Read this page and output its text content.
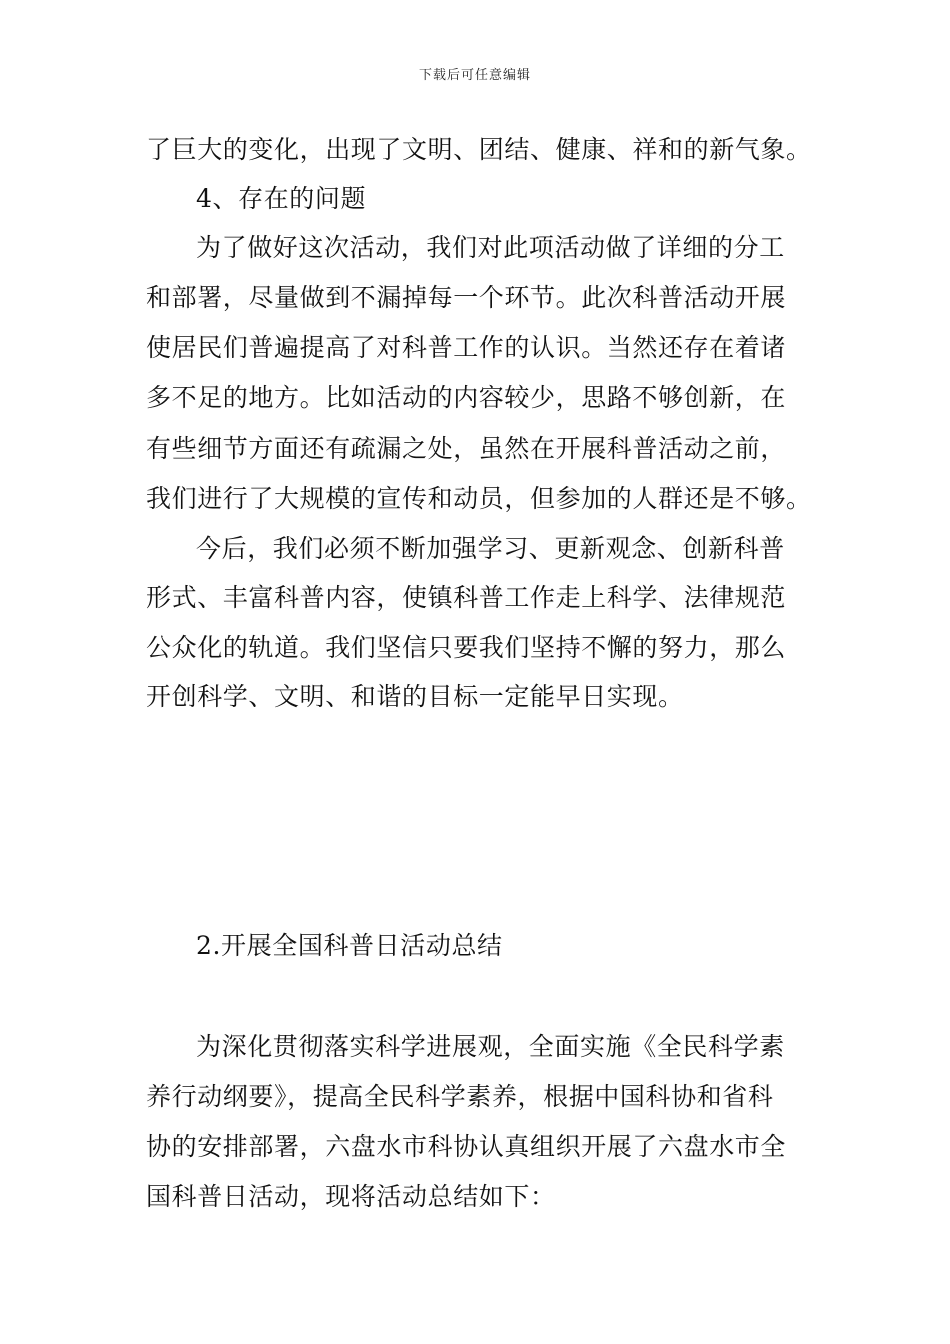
下载后可任意编辑
了巨大的变化，出现了文明、团结、健康、祥和的新气象。
4、存在的问题
为了做好这次活动，我们对此项活动做了详细的分工
和部署，尽量做到不漏掉每一个环节。此次科普活动开展
使居民们普遍提高了对科普工作的认识。当然还存在着诸
多不足的地方。比如活动的内容较少，思路不够创新，在
有些细节方面还有疏漏之处，虽然在开展科普活动之前，
我们进行了大规模的宣传和动员，但参加的人群还是不够。
今后，我们必须不断加强学习、更新观念、创新科普
形式、丰富科普内容，使镇科普工作走上科学、法律规范
公众化的轨道。我们坚信只要我们坚持不懈的努力，那么
开创科学、文明、和谐的目标一定能早日实现。
2.开展全国科普日活动总结
为深化贯彻落实科学进展观，全面实施《全民科学素
养行动纲要》，提高全民科学素养，根据中国科协和省科
协的安排部署，六盘水市科协认真组织开展了六盘水市全
国科普日活动，现将活动总结如下：
